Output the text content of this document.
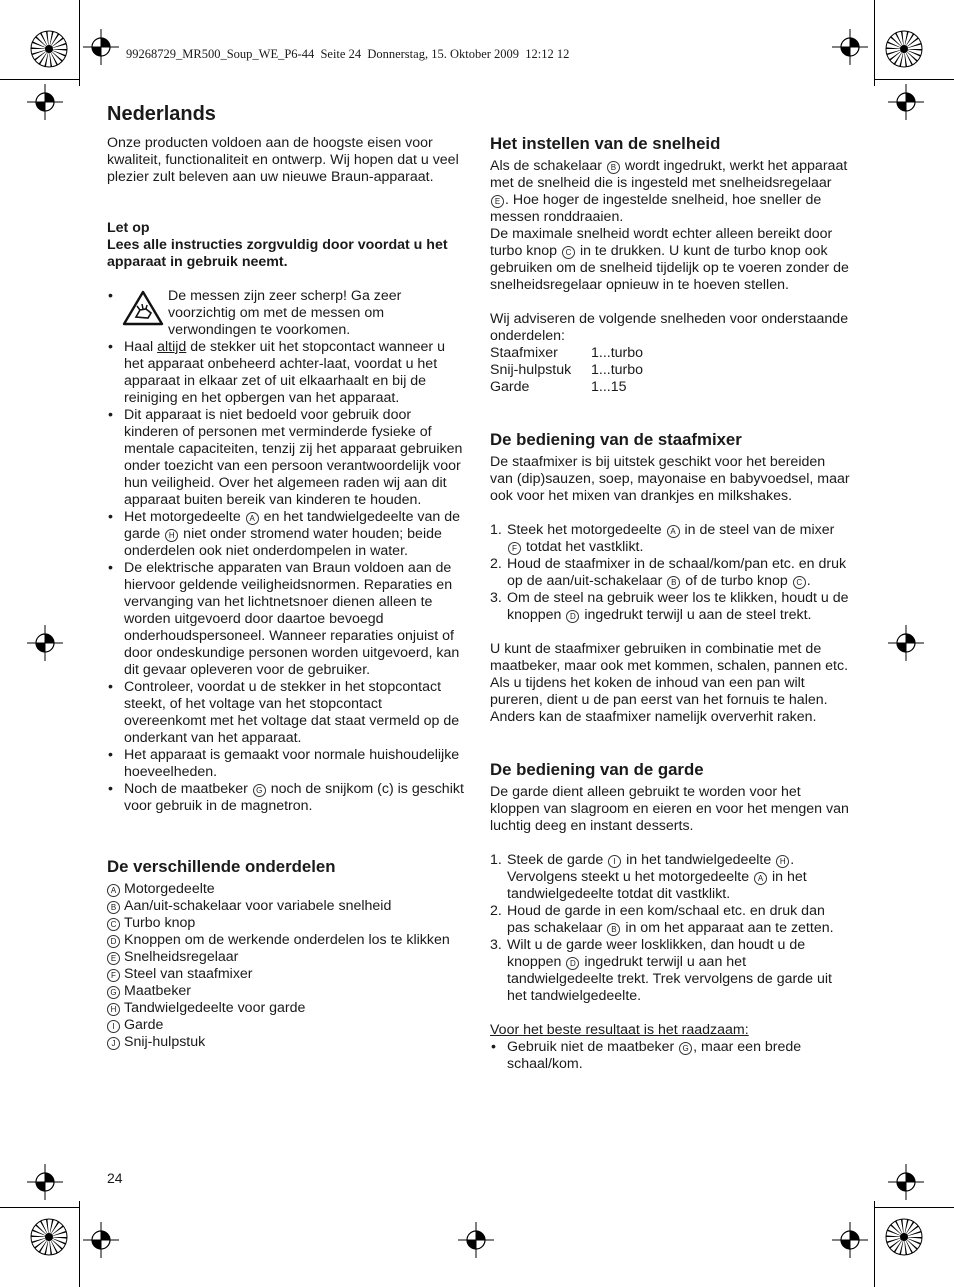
99268729_MR500_Soup_WE_P6-44  Seite 24  Donnerstag, 15. Oktober 2009  12:12 12
Nederlands

Onze producten voldoen aan de hoogste eisen voor kwaliteit, functionaliteit en ontwerp. Wij hopen dat u veel plezier zult beleven aan uw nieuwe Braun-apparaat.

Let op

Lees alle instructies zorgvuldig door voordat u het apparaat in gebruik neemt.

•	De messen zijn zeer scherp! Ga zeer voorzichtig om met de messen om verwondingen te voorkomen.
• Haal altijd de stekker uit het stopcontact wanneer u het apparaat onbeheerd achter-laat, voordat u het apparaat in elkaar zet of uit elkaarhaalt en bij de reiniging en het opbergen van het apparaat.
• Dit apparaat is niet bedoeld voor gebruik door kinderen of personen met verminderde fysieke of mentale capaciteiten, tenzij zij het apparaat gebruiken onder toezicht van een persoon verantwoordelijk voor hun veiligheid. Over het algemeen raden wij aan dit apparaat buiten bereik van kinderen te houden.
• Het motorgedeelte A en het tandwielgedeelte van de garde H niet onder stromend water houden; beide onderdelen ook niet onderdompelen in water.
• De elektrische apparaten van Braun voldoen aan de hiervoor geldende veiligheidsnormen. Reparaties en vervanging van het lichtnetsnoer dienen alleen te worden uitgevoerd door daartoe bevoegd onderhoudspersoneel. Wanneer reparaties onjuist of door ondeskundige personen worden uitgevoerd, kan dit gevaar opleveren voor de gebruiker.
• Controleer, voordat u de stekker in het stopcontact steekt, of het voltage van het stopcontact overeenkomt met het voltage dat staat vermeld op de onderkant van het apparaat.
• Het apparaat is gemaakt voor normale huishoudelijke hoeveelheden.
• Noch de maatbeker G noch de snijkom (c) is geschikt voor gebruik in de magnetron.
De verschillende onderdelen
A Motorgedeelte
B Aan/uit-schakelaar voor variabele snelheid
C Turbo knop
D Knoppen om de werkende onderdelen los te klikken
E Snelheidsregelaar
F Steel van staafmixer
G Maatbeker
H Tandwielgedeelte voor garde
I Garde
J Snij-hulpstuk
Het instellen van de snelheid

Als de schakelaar B wordt ingedrukt, werkt het apparaat met de snelheid die is ingesteld met snelheidsregelaar E . Hoe hoger de ingestelde snelheid, hoe sneller de messen ronddraaien.

De maximale snelheid wordt echter alleen bereikt door turbo knop C in te drukken. U kunt de turbo knop ook gebruiken om de snelheid tijdelijk op te voeren zonder de snelheidsregelaar opnieuw in te hoeven stellen.

Wij adviseren de volgende snelheden voor onderstaande onderdelen:

Staafmixer	1...turbo
Snij-hulpstuk	1...turbo
Garde	1...15
De bediening van de staafmixer

De staafmixer is bij uitstek geschikt voor het bereiden van (dip)sauzen, soep, mayonaise en babyvoedsel, maar ook voor het mixen van drankjes en milkshakes.

1. Steek het motorgedeelte A in de steel van de mixer F totdat het vastklikt.
2. Houd de staafmixer in de schaal/kom/pan etc. en druk op de aan/uit-schakelaar B of de turbo knop C .
3. Om de steel na gebruik weer los te klikken, houdt u de knoppen D ingedrukt terwijl u aan de steel trekt.

U kunt de staafmixer gebruiken in combinatie met de maatbeker, maar ook met kommen, schalen, pannen etc. Als u tijdens het koken de inhoud van een pan wilt pureren, dient u de pan eerst van het fornuis te halen. Anders kan de staafmixer namelijk oververhit raken.

De bediening van de garde

De garde dient alleen gebruikt te worden voor het kloppen van slagroom en eieren en voor het mengen van luchtig deeg en instant desserts.

1. Steek de garde I in het tandwielgedeelte H . Vervolgens steekt u het motorgedeelte A in het tandwielgedeelte totdat dit vastklikt.
2. Houd de garde in een kom/schaal etc. en druk dan pas schakelaar B in om het apparaat aan te zetten.
3. Wilt u de garde weer losklikken, dan houdt u de knoppen D ingedrukt terwijl u aan het tandwielgedeelte trekt. Trek vervolgens de garde uit het tandwielgedeelte.

Voor het beste resultaat is het raadzaam:

• Gebruik niet de maatbeker G , maar een brede schaal/kom.
24
